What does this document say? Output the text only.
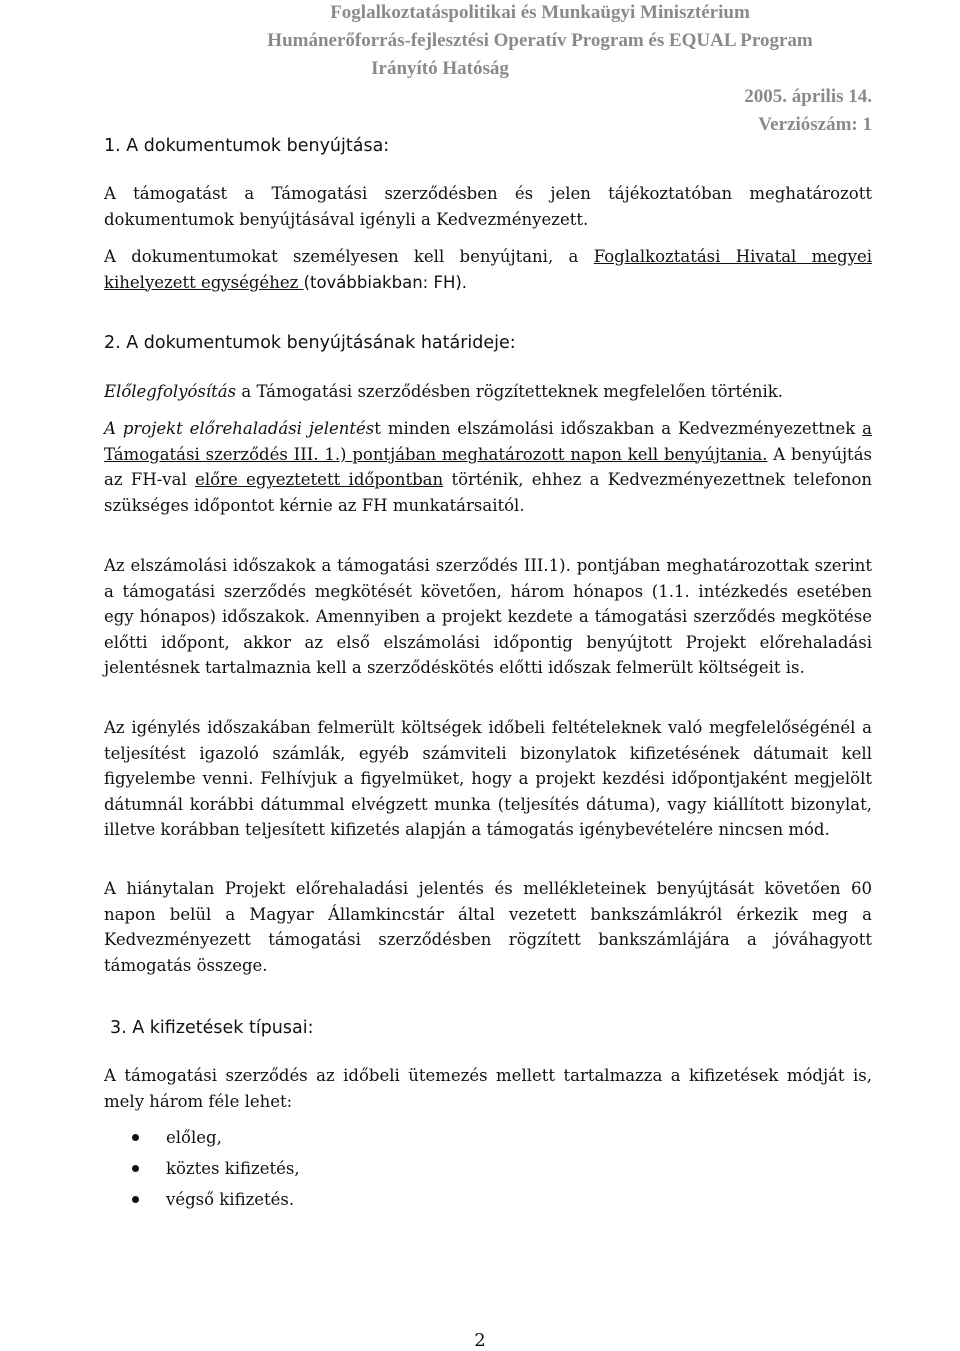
Foglalkoztatáspolitikai és Munkaügyi Minisztérium
Humánerőforrás-fejlesztési Operatív Program és EQUAL Program
Irányító Hatóság
2005. április 14.
Verziószám: 1
1. A dokumentumok benyújtása:

A támogatást a Támogatási szerződésben és jelen tájékoztatóban meghatározott dokumentumok benyújtásával igényli a Kedvezményezett.

A dokumentumokat személyesen kell benyújtani, a Foglalkoztatási Hivatal megyei kihelyezett egységéhez (továbbiakban: FH).

2. A dokumentumok benyújtásának határideje:

Előlegfolyósítás a Támogatási szerződésben rögzítetteknek megfelelően történik.

A projekt előrehaladási jelentést minden elszámolási időszakban a Kedvezményezettnek a Támogatási szerződés III. 1.) pontjában meghatározott napon kell benyújtania. A benyújtás az FH-val előre egyeztetett időpontban történik, ehhez a Kedvezményezettnek telefonon szükséges időpontot kérnie az FH munkatársaitól.

Az elszámolási időszakok a támogatási szerződés III.1). pontjában meghatározottak szerint a támogatási szerződés megkötését követően, három hónapos (1.1. intézkedés esetében egy hónapos) időszakok. Amennyiben a projekt kezdete a támogatási szerződés megkötése előtti időpont, akkor az első elszámolási időpontig benyújtott Projekt előrehaladási jelentésnek tartalmaznia kell a szerződéskötés előtti időszak felmerült költségeit is.

Az igénylés időszakában felmerült költségek időbeli feltételeknek való megfelelőségénél a teljesítést igazoló számlák, egyéb számviteli bizonylatok kifizetésének dátumait kell figyelembe venni. Felhívjuk a figyelmüket, hogy a projekt kezdési időpontjaként megjelölt dátumnál korábbi dátummal elvégzett munka (teljesítés dátuma), vagy kiállított bizonylat, illetve korábban teljesített kifizetés alapján a támogatás igénybevételére nincsen mód.

A hiánytalan Projekt előrehaladási jelentés és mellékleteinek benyújtását követően 60 napon belül a Magyar Államkincstár által vezetett bankszámlákról érkezik meg a Kedvezményezett támogatási szerződésben rögzített bankszámlájára a jóváhagyott támogatás összege.

3. A kifizetések típusai:

A támogatási szerződés az időbeli ütemezés mellett tartalmazza a kifizetések módját is, mely három féle lehet:

előleg,
köztes kifizetés,
végső kifizetés.
2
